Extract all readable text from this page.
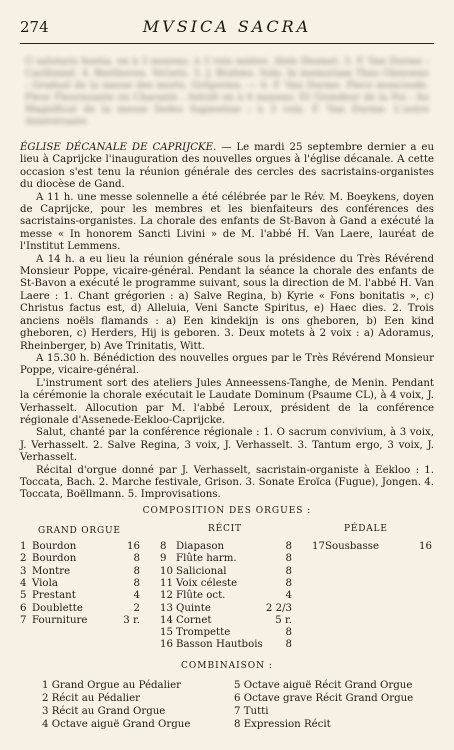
274	MVSICA SACRA
O salutaris hostia, en à 3 moyens, à 3 voix mixtes. Aloïs Desmet. 3. F. Van Durme : Carillonné. 4. Beethoven. Versets. 5. J. Brahms. Solo. In memoriam Theo Gheysens : Graduel de la messe des morts, Grégorien. — 6. F. Van Durme. Piece moncoude. Fleur Fleurissante en Charante : Introït en à 6 moyens. Et Grandeur de la Foi : Au Magnificat de la messe Sedes Sapientiae ; à 3 voix. F. Van Durme. L'autre Anniversaire.

ÉGLISE DÉCANALE DE CAPRIJCKE. — Le mardi 25 septembre dernier a eu lieu à Caprijcke l'inauguration des nouvelles orgues à l'église décanale. A cette occasion s'est tenu la réunion générale des cercles des sacristains-organistes du diocèse de Gand.

A 11 h. une messe solennelle a été célébrée par le Rév. M. Boeykens, doyen de Caprijcke, pour les membres et les bienfaiteurs des conférences des sacristains-organistes. La chorale des enfants de St-Bavon à Gand a exécuté la messe « In honorem Sancti Livini » de M. l'abbé H. Van Laere, lauréat de l'Institut Lemmens.

A 14 h. a eu lieu la réunion générale sous la présidence du Très Révérend Monsieur Poppe, vicaire-général. Pendant la séance la chorale des enfants de St-Bavon a exécuté le programme suivant, sous la direction de M. l'abbé H. Van Laere : 1. Chant grégorien : a) Salve Regina, b) Kyrie « Fons bonitatis », c) Christus factus est, d) Alleluia, Veni Sancte Spiritus, e) Haec dies. 2. Trois anciens noëls flamands : a) Een kindekijn is ons gheboren, b) Een kind gheboren, c) Herders, Hij is geboren. 3. Deux motets à 2 voix : a) Adoramus, Rheinberger, b) Ave Trinitatis, Witt.

A 15.30 h. Bénédiction des nouvelles orgues par le Très Révérend Monsieur Poppe, vicaire-général.

L'instrument sort des ateliers Jules Anneessens-Tanghe, de Menin. Pendant la cérémonie la chorale exécutait le Laudate Dominum (Psaume CL), à 4 voix, J. Verhasselt. Allocution par M. l'abbé Leroux, président de la conférence régionale d'Assenede-Eekloo-Caprijcke.

Salut, chanté par la conférence régionale : 1. O sacrum convivium, à 3 voix, J. Verhasselt. 2. Salve Regina, 3 voix, J. Verhasselt. 3. Tantum ergo, 3 voix, J. Verhasselt.

Récital d'orgue donné par J. Verhasselt, sacristain-organiste à Eekloo : 1. Toccata, Bach. 2. Marche festivale, Grison. 3. Sonate Eroïca (Fugue), Jongen. 4. Toccata, Boëllmann. 5. Improvisations.

COMPOSITION DES ORGUES :
GRAND ORGUE	RÉCIT	PÉDALE
1 Bourdon	16
2 Bourdon	8
3 Montre	8
4 Viola	8
5 Prestant	4
6 Doublette	2
7 Fourniture	3 r.
8 Diapason	8
9 Flûte harm.	8
10 Salicional	8
11 Voix céleste	8
12 Flûte oct.	4
13 Quinte	2 2/3
14 Cornet	5 r.
15 Trompette	8
16 Basson Hautbois 8
17 Sousbasse	16
COMBINAISON :
1 Grand Orgue au Pédalier
2 Récit au Pédalier
3 Récit au Grand Orgue
4 Octave aiguë Grand Orgue
5 Octave aiguë Récit Grand Orgue
6 Octave grave Récit Grand Orgue
7 Tutti
8 Expression Récit
